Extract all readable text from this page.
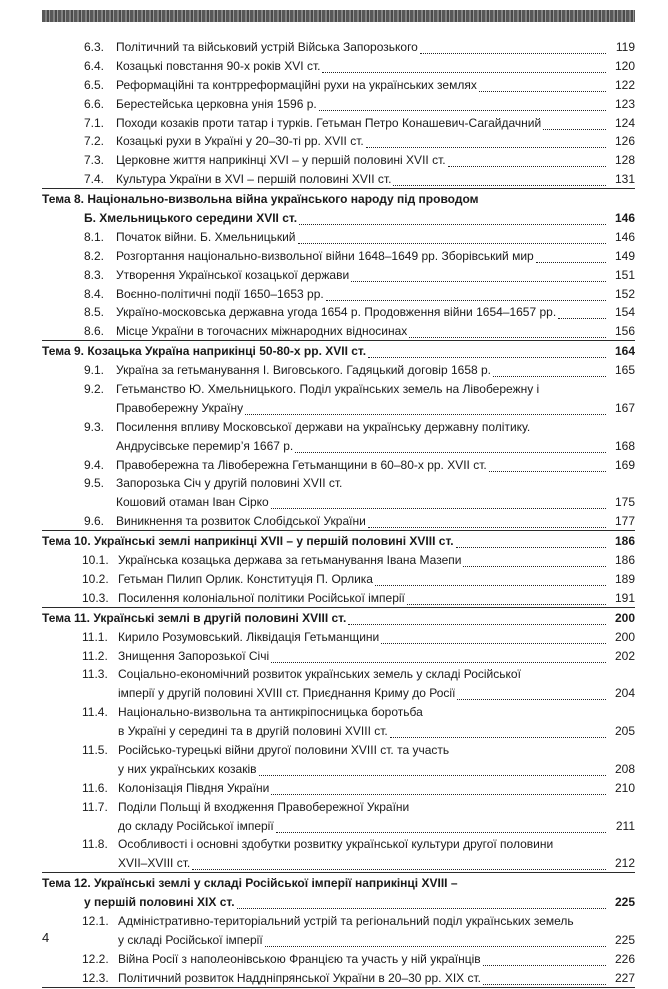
6.3. Політичний та військовий устрій Війська Запорозького	119
6.4. Козацькі повстання 90-х років XVI ст.	120
6.5. Реформаційні та контрреформаційні рухи на українських землях	122
6.6. Берестейська церковна унія 1596 р.	123
7.1. Походи козаків проти татар і турків. Гетьман Петро Конашевич-Сагайдачний	124
7.2. Козацькі рухи в Україні у 20–30-ті рр. XVII ст.	126
7.3. Церковне життя наприкінці XVI – у першій половині XVII ст.	128
7.4. Культура України в XVI – першій половині XVII ст.	131
Тема 8. Національно-визвольна війна українського народу під проводом
Б. Хмельницького середини XVII ст.	146
8.1. Початок війни. Б. Хмельницький	146
8.2. Розгортання національно-визвольної війни 1648–1649 рр. Зборівський мир	149
8.3. Утворення Української козацької держави	151
8.4. Воєнно-політичні події 1650–1653 рр.	152
8.5. Україно-московська державна угода 1654 р. Продовження війни 1654–1657 рр.	154
8.6. Місце України в тогочасних міжнародних відносинах	156
Тема 9. Козацька Україна наприкінці 50-80-х рр. XVII ст.	164
9.1. Україна за гетьманування І. Виговського. Гадяцький договір 1658 р.	165
9.2. Гетьманство Ю. Хмельницького. Поділ українських земель на Лівобережну і
Правобережну Україну	167
9.3. Посилення впливу Московської держави на українську державну політику.
Андрусівське перемир’я 1667 р.	168
9.4. Правобережна та Лівобережна Гетьманщини в 60–80-х рр. XVII ст.	169
9.5. Запорозька Січ у другій половині XVII ст.
Кошовий отаман Іван Сірко	175
9.6. Виникнення та розвиток Слобідської України	177
Тема 10. Українські землі наприкінці XVII – у першій половині XVIII ст.	186
10.1. Українська козацька держава за гетьманування Івана Мазепи	186
10.2. Гетьман Пилип Орлик. Конституція П. Орлика	189
10.3. Посилення колоніальної політики Російської імперії	191
Тема 11. Українські землі в другій половині XVIII ст.	200
11.1. Кирило Розумовський. Ліквідація Гетьманщини	200
11.2. Знищення Запорозької Січі	202
11.3. Соціально-економічний розвиток українських земель у складі Російської
імперії у другій половині XVIII ст. Приєднання Криму до Росії	204
11.4. Національно-визвольна та антикріпосницька боротьба
в Україні у середині та в другій половині XVIII ст.	205
11.5. Російсько-турецькі війни другої половини XVIII ст. та участь
у них українських козаків	208
11.6. Колонізація Півдня України	210
11.7. Поділи Польщі й входження Правобережної України
до складу Російської імперії	211
11.8. Особливості і основні здобутки розвитку української культури другої половини
XVII–XVIII ст.	212
Тема 12. Українські землі у складі Російської імперії наприкінці XVIII –
у першій половині XIX ст.	225
12.1. Адміністративно-територіальний устрій та регіональний поділ українських земель
у складі Російської імперії	225
12.2. Війна Росії з наполеонівською Францією та участь у ній українців	226
12.3. Політичний розвиток Наддніпрянської України в 20–30 рр. XIX ст.	227
4
